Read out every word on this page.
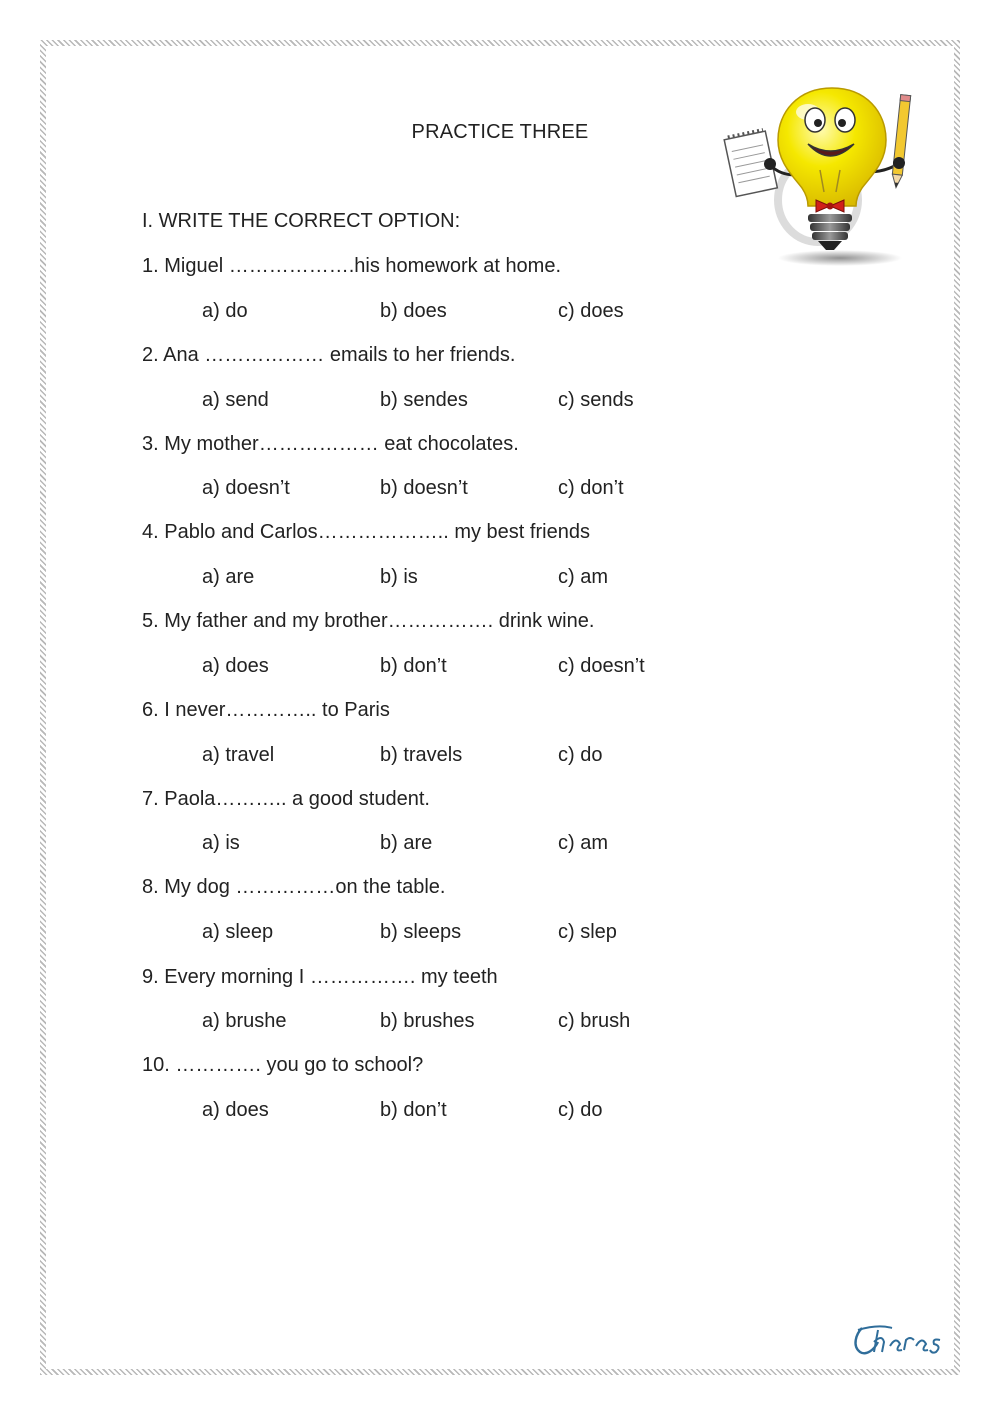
PRACTICE THREE
I. WRITE THE CORRECT OPTION:
1. Miguel ……………….his homework at home.
a) do	b) does	c) does
2. Ana ……………… emails to her friends.
a) send	b) sendes	c) sends
3. My mother……………… eat chocolates.
a) doesn’t	b) doesn’t	c) don’t
4. Pablo and Carlos……………….. my best friends
a) are	b) is	c) am
5. My father and my brother……………. drink wine.
a) does	b) don’t	c) doesn’t
6. I never………….. to Paris
a) travel	b) travels	c) do
7. Paola……….. a good student.
a) is	b) are	c) am
8. My dog ……………on the table.
a) sleep	b) sleeps	c) slep
9. Every morning I ……………. my teeth
a) brushe	b) brushes	c) brush
10. …………. you go to school?
a) does	b) don’t	c) do
